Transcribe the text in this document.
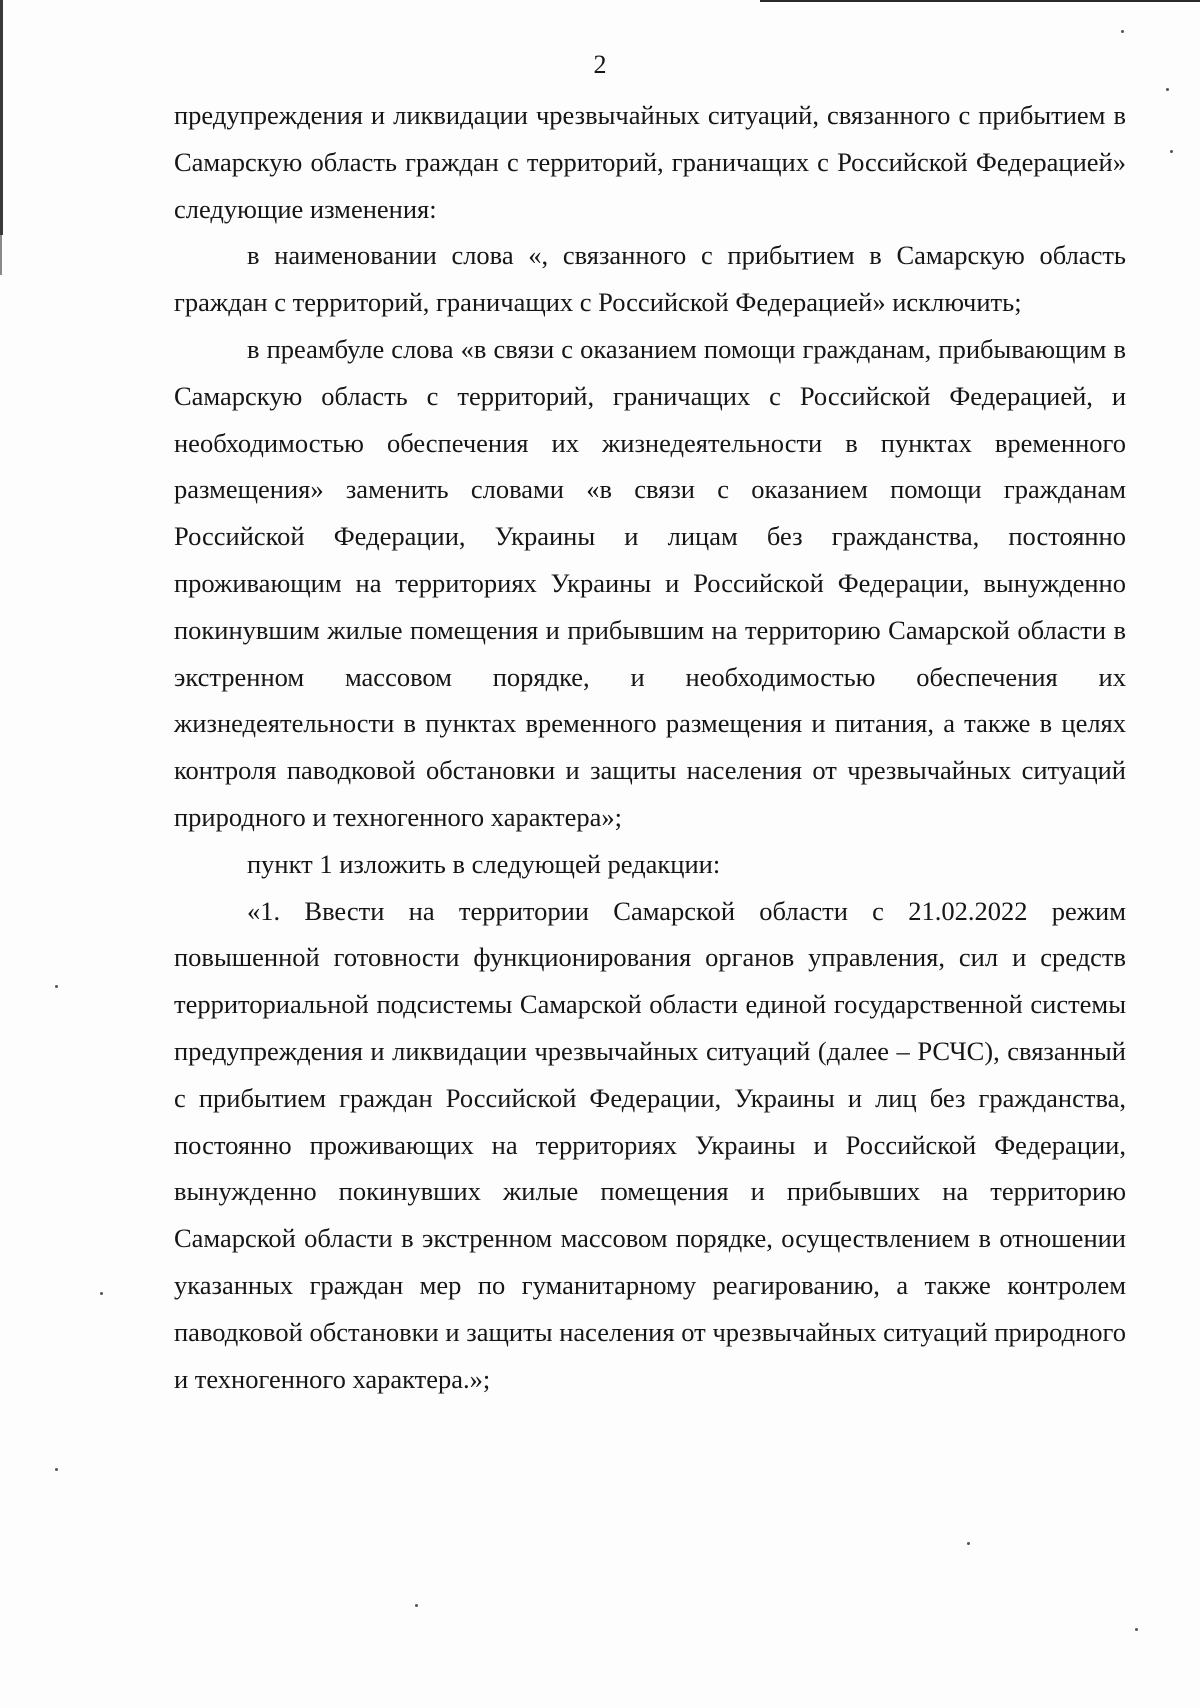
2

предупреждения и ликвидации чрезвычайных ситуаций, связанного с прибытием в Самарскую область граждан с территорий, граничащих с Российской Федерацией» следующие изменения:

в наименовании слова «, связанного с прибытием в Самарскую область граждан с территорий, граничащих с Российской Федерацией» исключить;

в преамбуле слова «в связи с оказанием помощи гражданам, прибывающим в Самарскую область с территорий, граничащих с Российской Федерацией, и необходимостью обеспечения их жизнедеятельности в пунктах временного размещения» заменить словами «в связи с оказанием помощи гражданам Российской Федерации, Украины и лицам без гражданства, постоянно проживающим на территориях Украины и Российской Федерации, вынужденно покинувшим жилые помещения и прибывшим на территорию Самарской области в экстренном массовом порядке, и необходимостью обеспечения их жизнедеятельности в пунктах временного размещения и питания, а также в целях контроля паводковой обстановки и защиты населения от чрезвычайных ситуаций природного и техногенного характера»;

пункт 1 изложить в следующей редакции:

«1. Ввести на территории Самарской области с 21.02.2022 режим повышенной готовности функционирования органов управления, сил и средств территориальной подсистемы Самарской области единой государственной системы предупреждения и ликвидации чрезвычайных ситуаций (далее – РСЧС), связанный с прибытием граждан Российской Федерации, Украины и лиц без гражданства, постоянно проживающих на территориях Украины и Российской Федерации, вынужденно покинувших жилые помещения и прибывших на территорию Самарской области в экстренном массовом порядке, осуществлением в отношении указанных граждан мер по гуманитарному реагированию, а также контролем паводковой обстановки и защиты населения от чрезвычайных ситуаций природного и техногенного характера.»;
